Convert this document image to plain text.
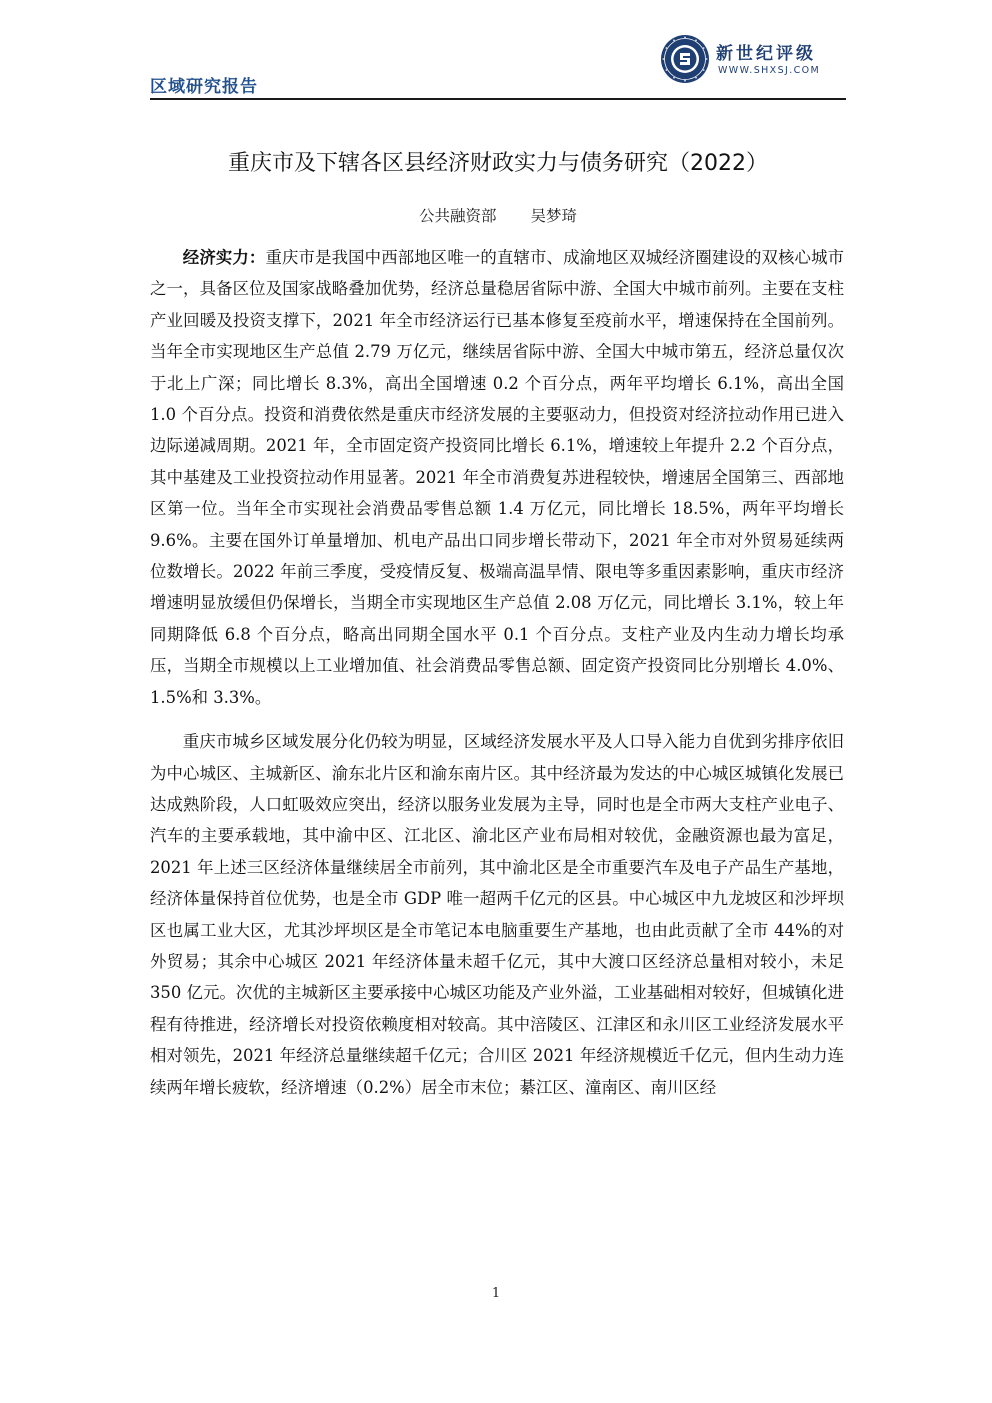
区域研究报告
新世纪评级
WWW.SHXSJ.COM
重庆市及下辖各区县经济财政实力与债务研究（2022）
公共融资部 吴梦琦

经济实力：重庆市是我国中西部地区唯一的直辖市、成渝地区双城经济圈建设的双核心城市之一，具备区位及国家战略叠加优势，经济总量稳居省际中游、全国大中城市前列。主要在支柱产业回暖及投资支撑下，2021 年全市经济运行已基本修复至疫前水平，增速保持在全国前列。当年全市实现地区生产总值 2.79 万亿元，继续居省际中游、全国大中城市第五，经济总量仅次于北上广深；同比增长 8.3%，高出全国增速 0.2 个百分点，两年平均增长 6.1%，高出全国 1.0 个百分点。投资和消费依然是重庆市经济发展的主要驱动力，但投资对经济拉动作用已进入边际递减周期。2021 年，全市固定资产投资同比增长 6.1%，增速较上年提升 2.2 个百分点，其中基建及工业投资拉动作用显著。2021 年全市消费复苏进程较快，增速居全国第三、西部地区第一位。当年全市实现社会消费品零售总额 1.4 万亿元，同比增长 18.5%，两年平均增长 9.6%。主要在国外订单量增加、机电产品出口同步增长带动下，2021 年全市对外贸易延续两位数增长。2022 年前三季度，受疫情反复、极端高温旱情、限电等多重因素影响，重庆市经济增速明显放缓但仍保增长，当期全市实现地区生产总值 2.08 万亿元，同比增长 3.1%，较上年同期降低 6.8 个百分点，略高出同期全国水平 0.1 个百分点。支柱产业及内生动力增长均承压，当期全市规模以上工业增加值、社会消费品零售总额、固定资产投资同比分别增长 4.0%、1.5%和 3.3%。

重庆市城乡区域发展分化仍较为明显，区域经济发展水平及人口导入能力自优到劣排序依旧为中心城区、主城新区、渝东北片区和渝东南片区。其中经济最为发达的中心城区城镇化发展已达成熟阶段，人口虹吸效应突出，经济以服务业发展为主导，同时也是全市两大支柱产业电子、汽车的主要承载地，其中渝中区、江北区、渝北区产业布局相对较优，金融资源也最为富足，2021 年上述三区经济体量继续居全市前列，其中渝北区是全市重要汽车及电子产品生产基地，经济体量保持首位优势，也是全市 GDP 唯一超两千亿元的区县。中心城区中九龙坡区和沙坪坝区也属工业大区，尤其沙坪坝区是全市笔记本电脑重要生产基地，也由此贡献了全市 44%的对外贸易；其余中心城区 2021 年经济体量未超千亿元，其中大渡口区经济总量相对较小，未足 350 亿元。次优的主城新区主要承接中心城区功能及产业外溢，工业基础相对较好，但城镇化进程有待推进，经济增长对投资依赖度相对较高。其中涪陵区、江津区和永川区工业经济发展水平相对领先，2021 年经济总量继续超千亿元；合川区 2021 年经济规模近千亿元，但内生动力连续两年增长疲软，经济增速（0.2%）居全市末位；綦江区、潼南区、南川区经

1
